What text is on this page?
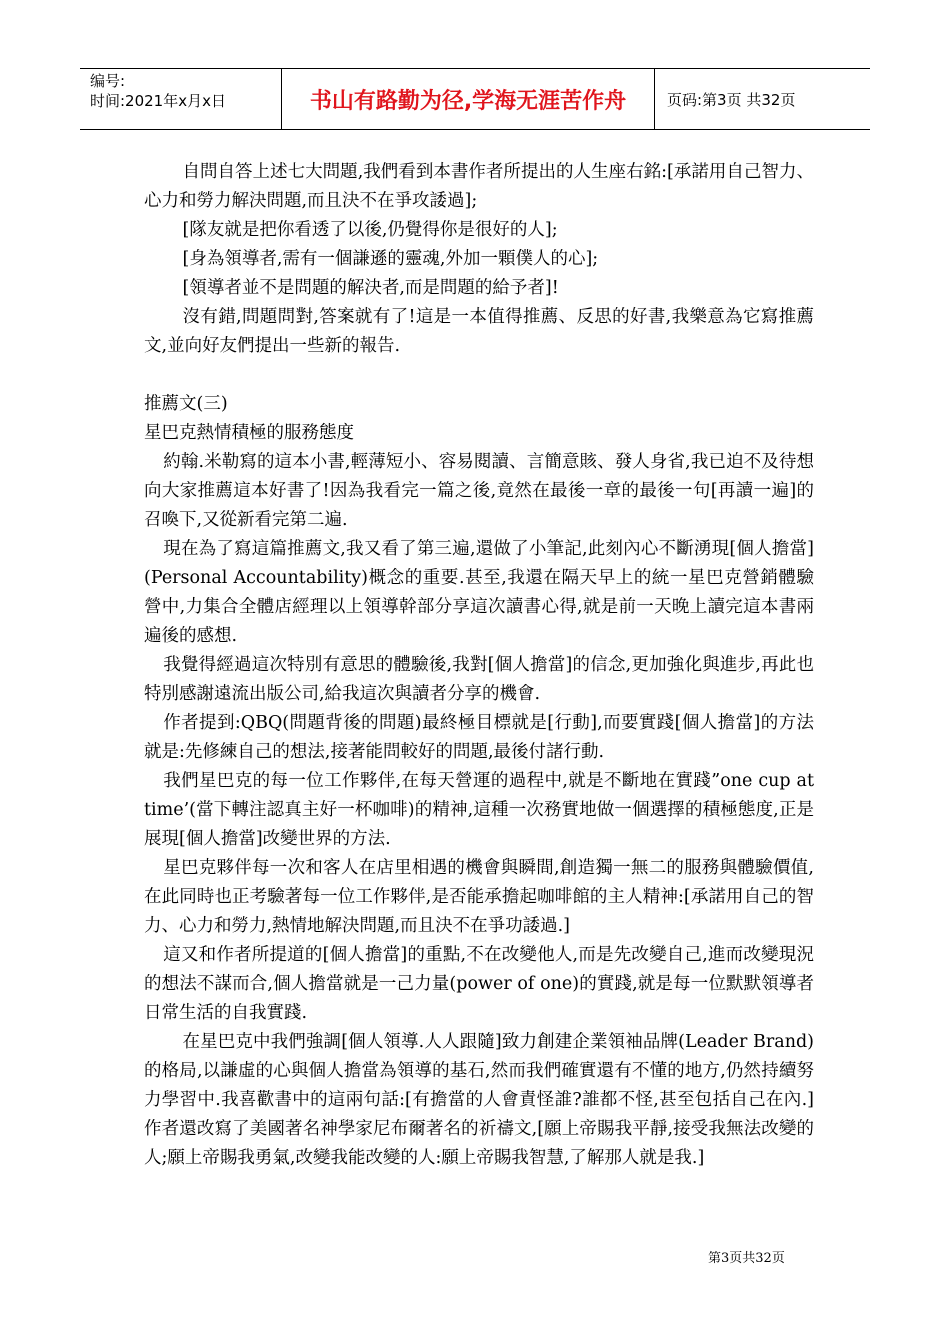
编号:
时间:2021年x月x日	书山有路勤为径,学海无涯苦作舟	页码:第3页 共32页

自問自答上述七大問題,我們看到本書作者所提出的人生座右銘:[承諾用自己智力、心力和勞力解決問題,而且決不在爭攻諉過];

[隊友就是把你看透了以後,仍覺得你是很好的人];

[身為領導者,需有一個謙遜的靈魂,外加一顆僕人的心];

[領導者並不是問題的解決者,而是問題的給予者]!

沒有錯,問題問對,答案就有了!這是一本值得推薦、反思的好書,我樂意為它寫推薦文,並向好友們提出一些新的報告.

推薦文(三)

星巴克熱情積極的服務態度

約翰.米勒寫的這本小書,輕薄短小、容易閱讀、言簡意賅、發人身省,我已迫不及待想向大家推薦這本好書了!因為我看完一篇之後,竟然在最後一章的最後一句[再讀一遍]的召喚下,又從新看完第二遍.

現在為了寫這篇推薦文,我又看了第三遍,還做了小筆記,此刻內心不斷湧現[個人擔當](Personal Accountability)概念的重要.甚至,我還在隔天早上的統一星巴克營銷體驗營中,力集合全體店經理以上領導幹部分享這次讀書心得,就是前一天晚上讀完這本書兩遍後的感想.

我覺得經過這次特別有意思的體驗後,我對[個人擔當]的信念,更加強化與進步,再此也特別感謝遠流出版公司,給我這次與讀者分享的機會.

作者提到:QBQ(問題背後的問題)最終極目標就是[行動],而要實踐[個人擔當]的方法就是:先修練自己的想法,接著能問較好的問題,最後付諸行動.

我們星巴克的每一位工作夥伴,在每天營運的過程中,就是不斷地在實踐”one cup at time’(當下轉注認真主好一杯咖啡)的精神,這種一次務實地做一個選擇的積極態度,正是展現[個人擔當]改變世界的方法.

星巴克夥伴每一次和客人在店里相遇的機會與瞬間,創造獨一無二的服務與體驗價值,在此同時也正考驗著每一位工作夥伴,是否能承擔起咖啡館的主人精神:[承諾用自己的智力、心力和勞力,熱情地解決問題,而且決不在爭功諉過.]

這又和作者所提道的[個人擔當]的重點,不在改變他人,而是先改變自己,進而改變現況的想法不謀而合,個人擔當就是一己力量(power of one)的實踐,就是每一位默默領導者日常生活的自我實踐.

在星巴克中我們強調[個人領導.人人跟隨]致力創建企業領袖品牌(Leader Brand)的格局,以謙虛的心與個人擔當為領導的基石,然而我們確實還有不懂的地方,仍然持續努力學習中.我喜歡書中的這兩句話:[有擔當的人會責怪誰?誰都不怪,甚至包括自己在內.]作者還改寫了美國著名神學家尼布爾著名的祈禱文,[願上帝賜我平靜,接受我無法改變的人;願上帝賜我勇氣,改變我能改變的人:願上帝賜我智慧,了解那人就是我.]

第3页共32页
